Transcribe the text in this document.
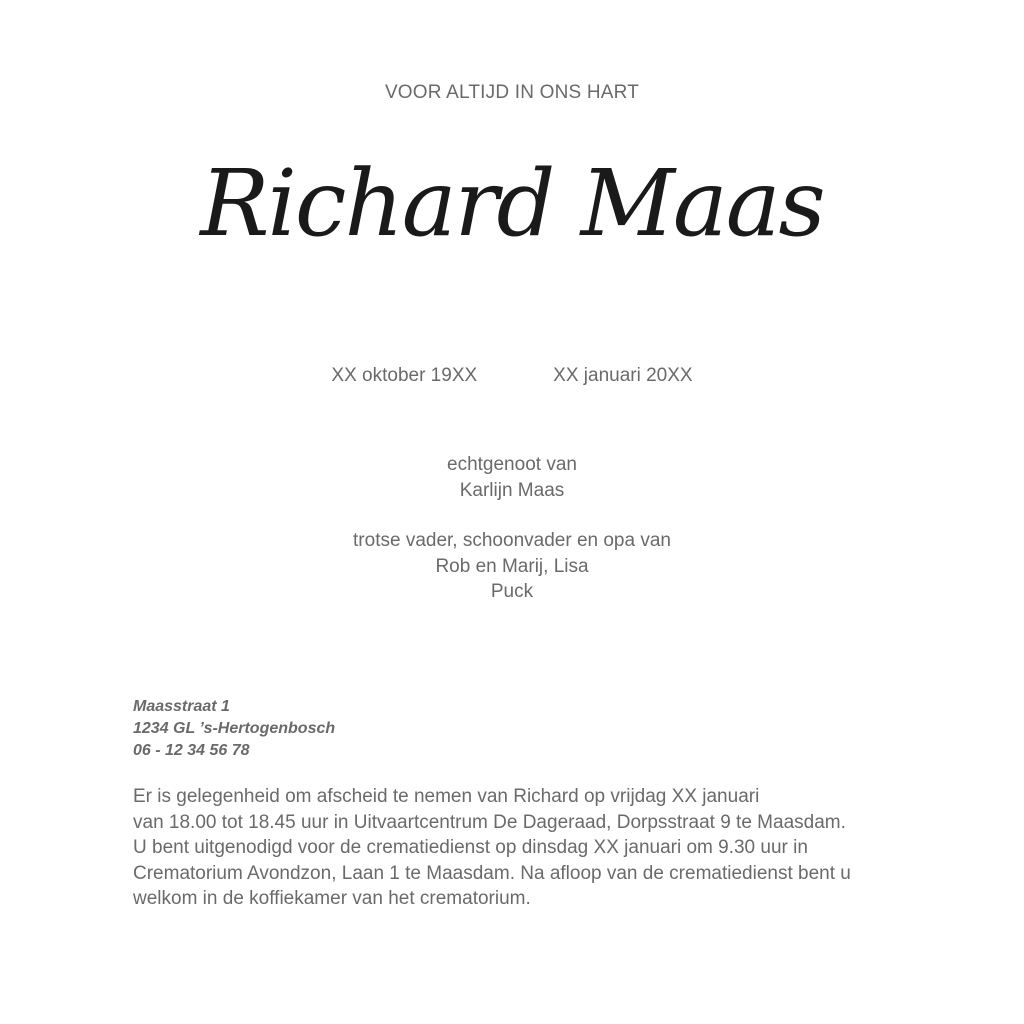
VOOR ALTIJD IN ONS HART
Richard Maas
XX oktober 19XX	XX januari 20XX
echtgenoot van
Karlijn Maas
trotse vader, schoonvader en opa van
Rob en Marij, Lisa
Puck
Maasstraat 1
1234 GL ’s-Hertogenbosch
06 - 12 34 56 78
Er is gelegenheid om afscheid te nemen van Richard op vrijdag XX januari
van 18.00 tot 18.45 uur in Uitvaartcentrum De Dageraad, Dorpsstraat 9 te Maasdam.
U bent uitgenodigd voor de crematiedienst op dinsdag XX januari om 9.30 uur in
Crematorium Avondzon, Laan 1 te Maasdam. Na afloop van de crematiedienst bent u
welkom in de koffiekamer van het crematorium.
